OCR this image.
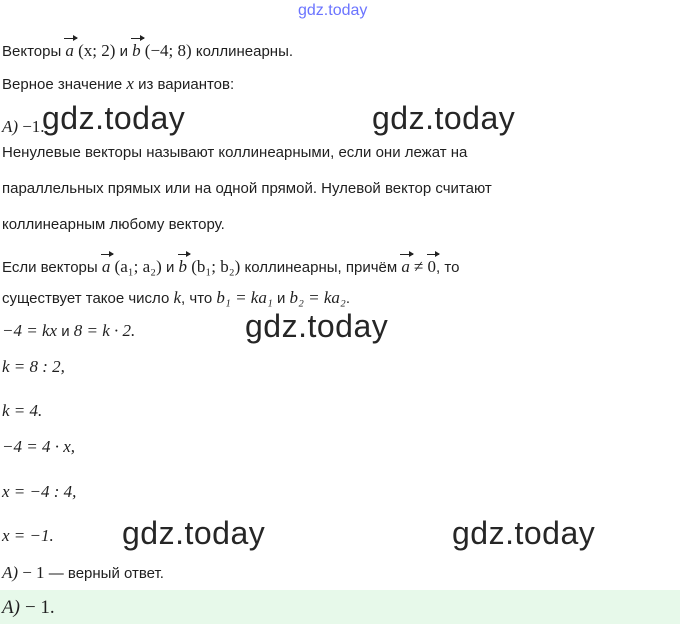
gdz.today
Векторы a (x; 2) и b (−4; 8) коллинеарны.
Верное значение x из вариантов:
A) −1.
Ненулевые векторы называют коллинеарными, если они лежат на
параллельных прямых или на одной прямой. Нулевой вектор считают
коллинеарным любому вектору.
Если векторы a (a₁; a₂) и b (b₁; b₂) коллинеарны, причём a ≠ 0, то
существует такое число k, что b₁ = ka₁ и b₂ = ka₂.
−4 = kx и 8 = k · 2.
k = 8 : 2,
k = 4.
−4 = 4 · x,
x = −4 : 4,
x = −1.
A) − 1 — верный ответ.
A) − 1.
gdz.today	gdz.today
gdz.today
gdz.today	gdz.today
